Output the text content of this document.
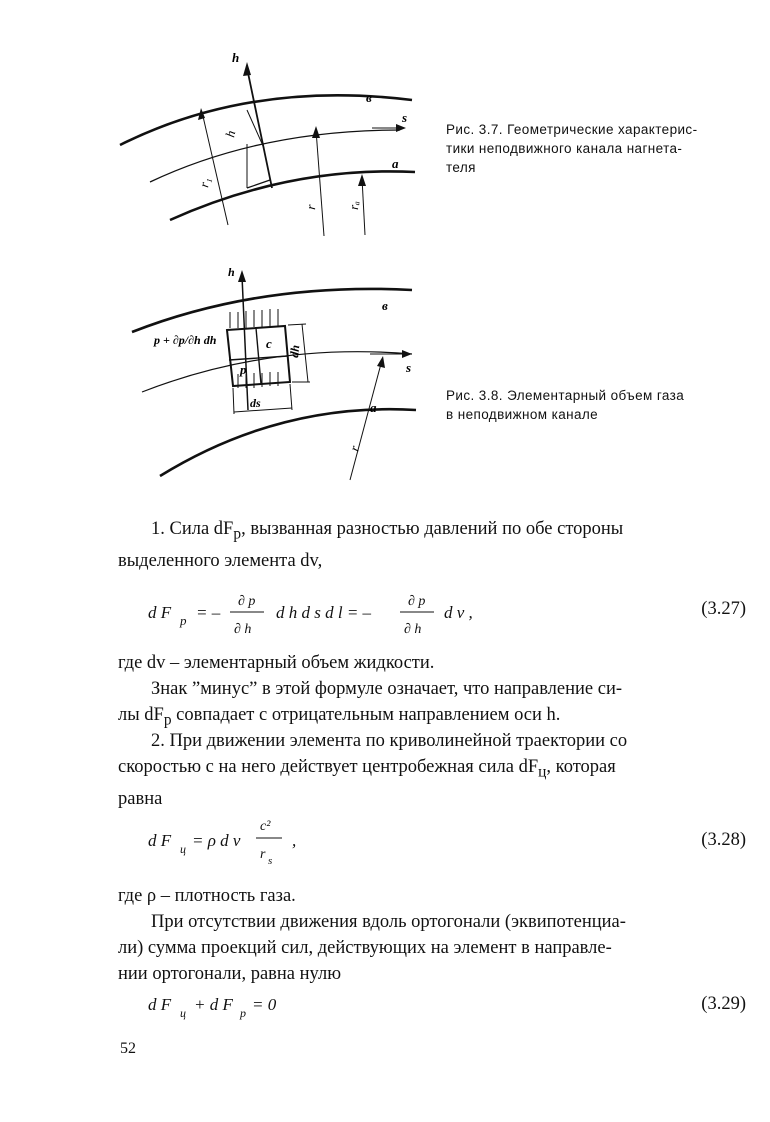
h
в
s
a
h
r₁
r rₐ
Рис. 3.7. Геометрические характерис-
тики неподвижного канала нагнета-
теля
h
в
s
a
c
p
dh
ds
r
p + ∂p/∂h dh
Рис. 3.8. Элементарный объем газа
в неподвижном канале
1. Сила $dF_p$, вызванная разностью давлений по обе стороны
выделенного элемента dv,
d F p = –
∂ p
∂ h
d h d s d l = –
∂ p
∂ h
d v ,	(3.27)
где dv – элементарный объем жидкости.
Знак ”минус” в этой формуле означает, что направление си-
лы $dF_p$ совпадает с отрицательным направлением оси h.
2. При движении элемента по криволинейной траектории со
скоростью c на него действует центробежная сила $dF_ц$, которая
равна
d F ц = ρ d v
c²
r s
,	(3.28)
где ρ – плотность газа.
При отсутствии движения вдоль ортогонали (эквипотенциа-
ли) сумма проекций сил, действующих на элемент в направле-
нии ортогонали, равна нулю
d F ц + d F p = 0	(3.29)
52
